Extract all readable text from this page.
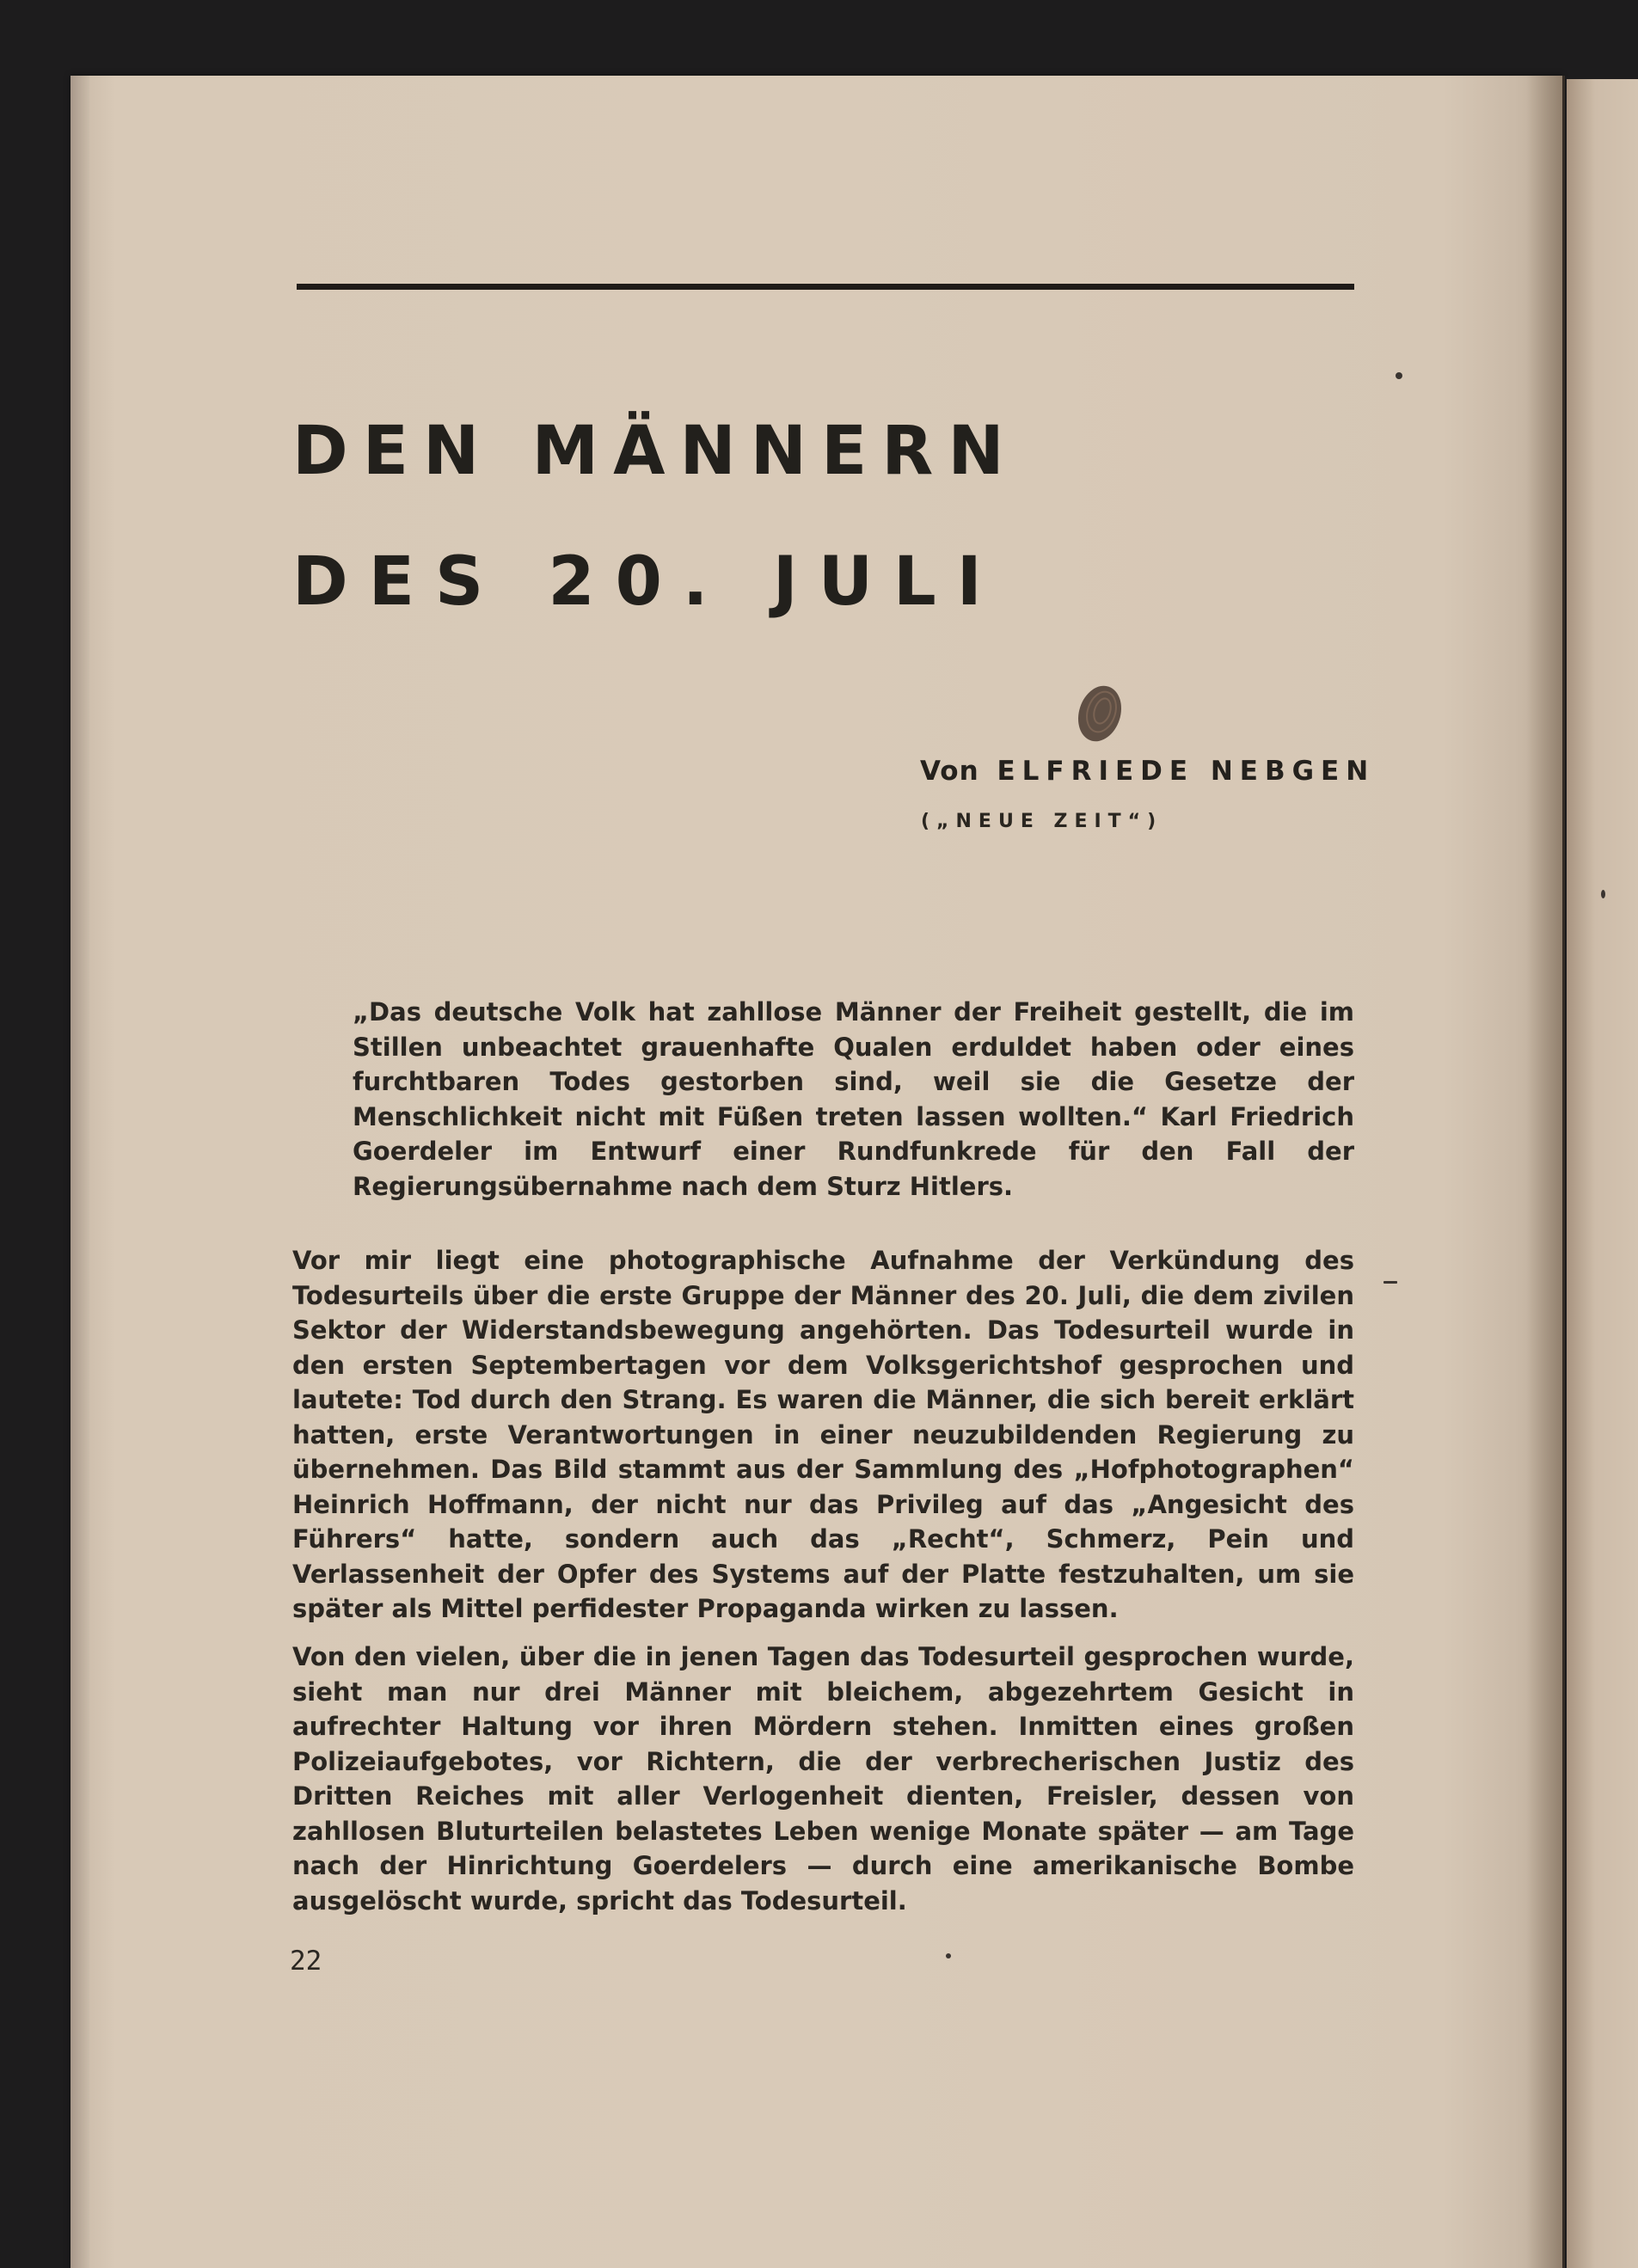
DEN MÄNNERN
DES 20. JULI
Von ELFRIEDE NEBGEN
(„NEUE ZEIT“)

„Das deutsche Volk hat zahllose Männer der Freiheit gestellt, die im Stillen unbeachtet grauenhafte Qualen erduldet haben oder eines furchtbaren Todes gestorben sind, weil sie die Gesetze der Menschlichkeit nicht mit Füßen treten lassen wollten.“ Karl Friedrich Goerdeler im Entwurf einer Rundfunkrede für den Fall der Regierungsübernahme nach dem Sturz Hitlers.

Vor mir liegt eine photographische Aufnahme der Verkündung des Todesurteils über die erste Gruppe der Männer des 20. Juli, die dem zivilen Sektor der Widerstandsbewegung angehörten. Das Todesurteil wurde in den ersten Septembertagen vor dem Volksgerichtshof gesprochen und lautete: Tod durch den Strang. Es waren die Männer, die sich bereit erklärt hatten, erste Verantwortungen in einer neuzubildenden Regierung zu übernehmen. Das Bild stammt aus der Sammlung des „Hofphotographen“ Heinrich Hoffmann, der nicht nur das Privileg auf das „Angesicht des Führers“ hatte, sondern auch das „Recht“, Schmerz, Pein und Verlassenheit der Opfer des Systems auf der Platte festzuhalten, um sie später als Mittel perfidester Propaganda wirken zu lassen.

Von den vielen, über die in jenen Tagen das Todesurteil gesprochen wurde, sieht man nur drei Männer mit bleichem, abgezehrtem Gesicht in aufrechter Haltung vor ihren Mördern stehen. Inmitten eines großen Polizeiaufgebotes, vor Richtern, die der verbrecherischen Justiz des Dritten Reiches mit aller Verlogenheit dienten, Freisler, dessen von zahllosen Bluturteilen belastetes Leben wenige Monate später — am Tage nach der Hinrichtung Goerdelers — durch eine amerikanische Bombe ausgelöscht wurde, spricht das Todesurteil.

22
